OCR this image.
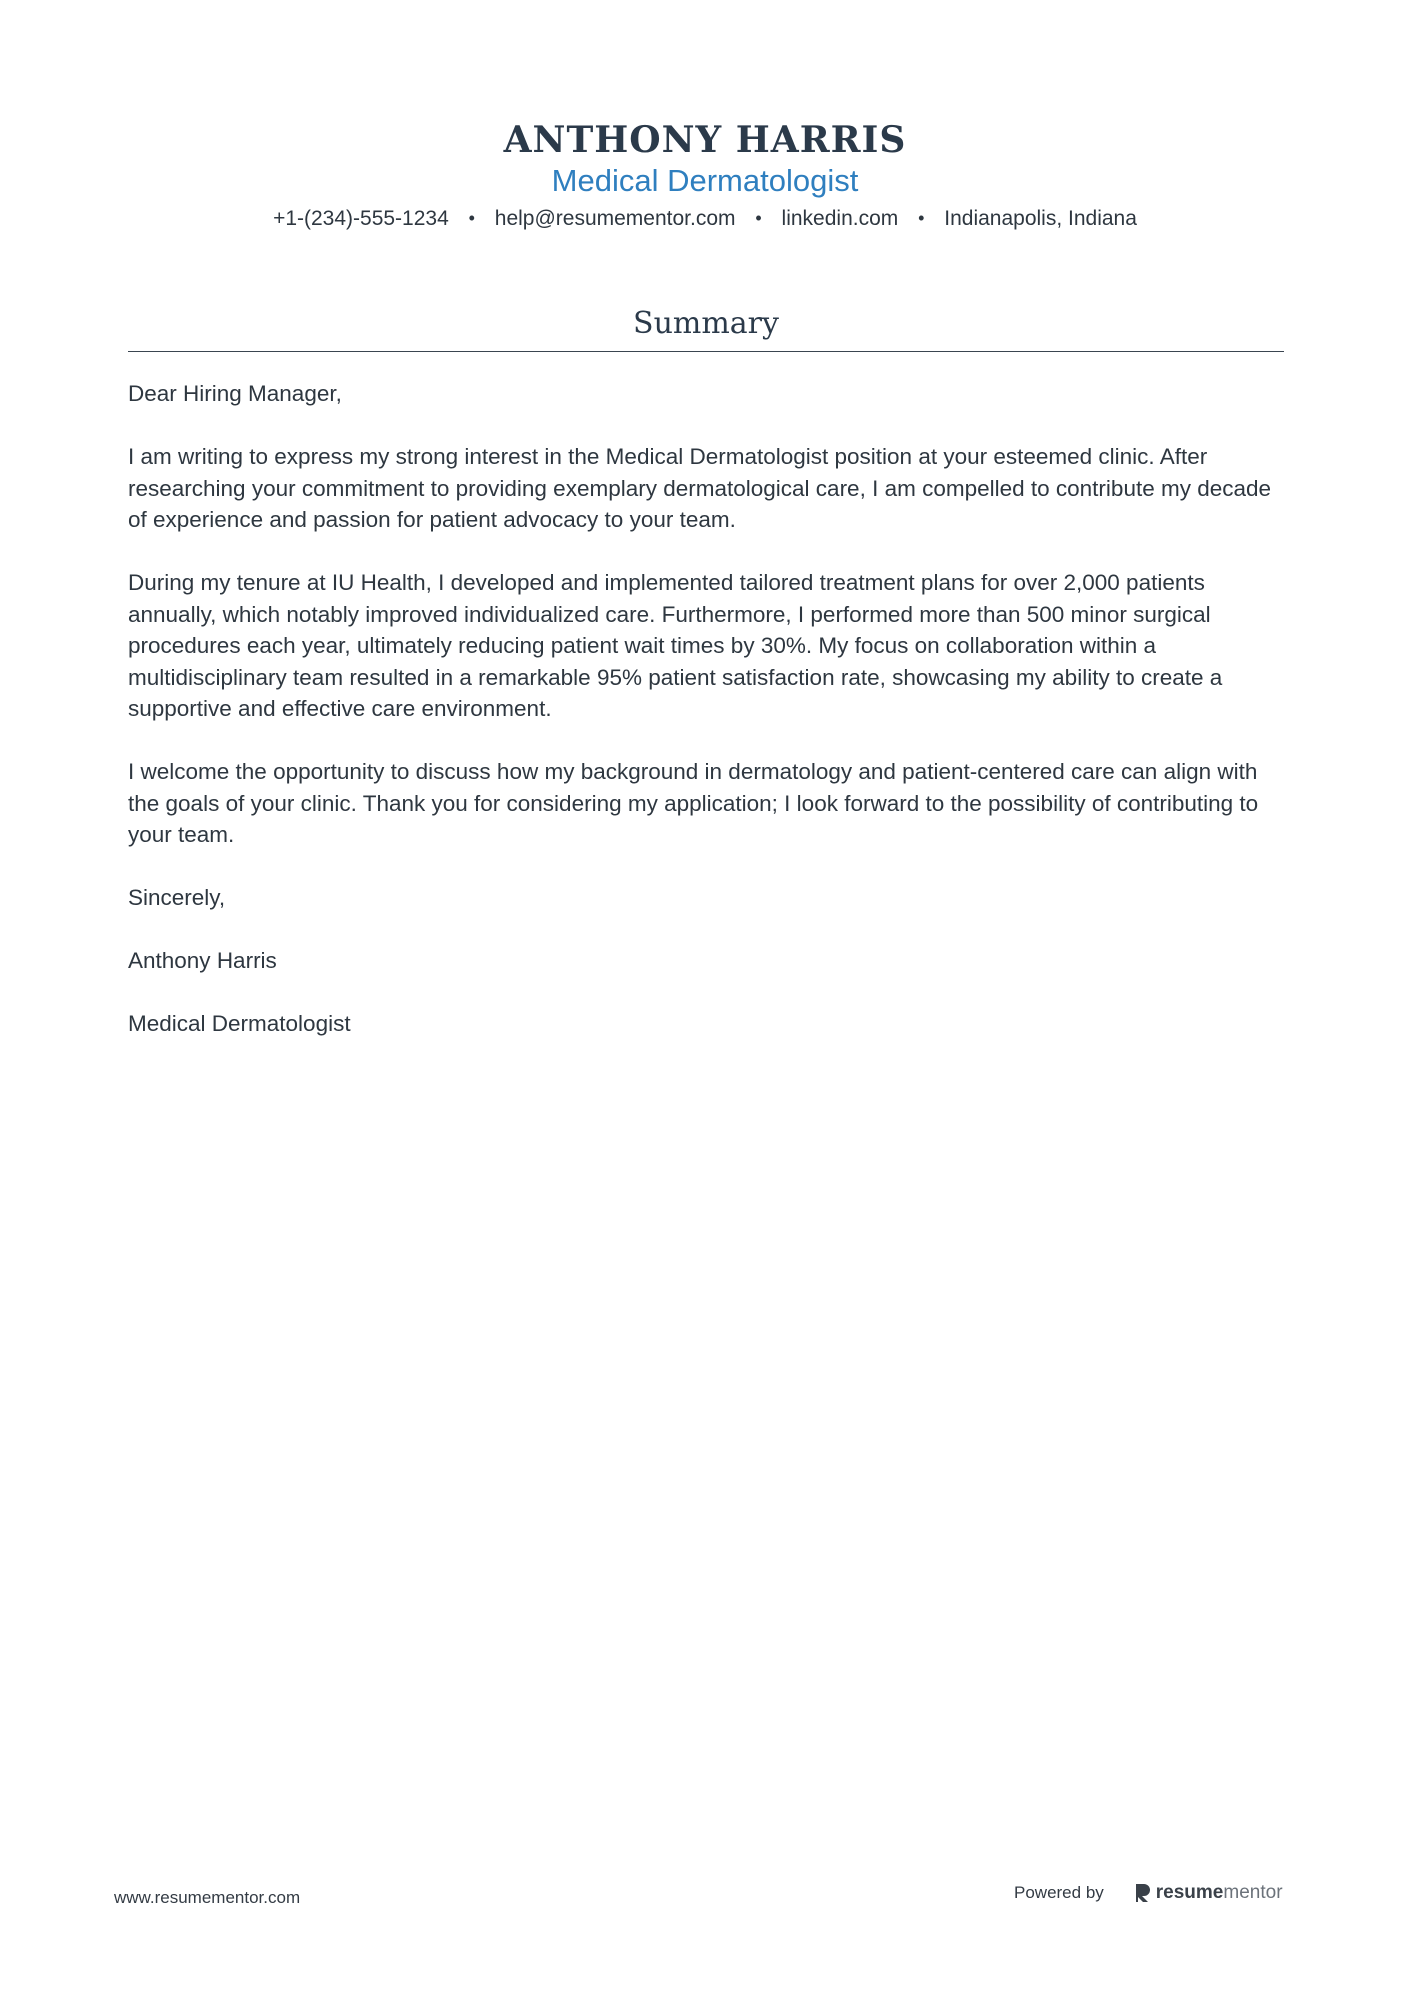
ANTHONY HARRIS
Medical Dermatologist
+1-(234)-555-1234 • help@resumementor.com • linkedin.com • Indianapolis, Indiana
Summary

Dear Hiring Manager,

I am writing to express my strong interest in the Medical Dermatologist position at your esteemed clinic. After researching your commitment to providing exemplary dermatological care, I am compelled to contribute my decade of experience and passion for patient advocacy to your team.

During my tenure at IU Health, I developed and implemented tailored treatment plans for over 2,000 patients annually, which notably improved individualized care. Furthermore, I performed more than 500 minor surgical procedures each year, ultimately reducing patient wait times by 30%. My focus on collaboration within a multidisciplinary team resulted in a remarkable 95% patient satisfaction rate, showcasing my ability to create a supportive and effective care environment.

I welcome the opportunity to discuss how my background in dermatology and patient-centered care can align with the goals of your clinic. Thank you for considering my application; I look forward to the possibility of contributing to your team.

Sincerely,

Anthony Harris

Medical Dermatologist

www.resumementor.com	Powered by	resume mentor
